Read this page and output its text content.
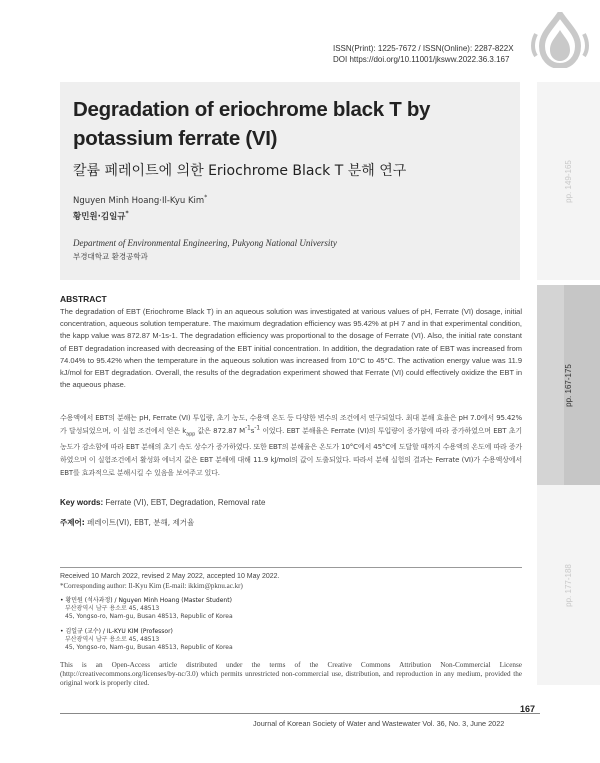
ISSN(Print): 1225-7672 / ISSN(Online): 2287-822X
DOI https://doi.org/10.11001/jksww.2022.36.3.167
pp. 149-165
pp. 167-175
pp. 177-188
Degradation of eriochrome black T by potassium ferrate (VI)
칼륨 페레이트에 의한 Eriochrome Black T 분해 연구
Nguyen Minh Hoang·Il-Kyu Kim*
황민원·김일규*
Department of Environmental Engineering, Pukyong National University
부경대학교 환경공학과
ABSTRACT

The degradation of EBT (Eriochrome Black T) in an aqueous solution was investigated at various values of pH, Ferrate (VI) dosage, initial concentration, aqueous solution temperature. The maximum degradation efficiency was 95.42% at pH 7 and in that experimental condition, the kapp value was 872.87 M-1s-1. The degradation efficiency was proportional to the dosage of Ferrate (VI). Also, the initial rate constant of EBT degradation increased with decreasing of the EBT initial concentration. In addition, the degradation rate of EBT was increased from 74.04% to 95.42% when the temperature in the aqueous solution was increased from 10°C to 45°C. The activation energy value was 11.9 kJ/mol for EBT degradation. Overall, the results of the degradation experiment showed that Ferrate (VI) could effectively oxidize the EBT in the aqueous phase.

수용액에서 EBT의 분해는 pH, Ferrate (VI) 투입량, 초기 농도, 수용액 온도 등 다양한 변수의 조건에서 연구되었다. 최대 분해 효율은 pH 7.0에서 95.42%가 달성되었으며, 이 실험 조건에서 얻은 $k_{app}$ 값은 872.87 $M^{-1}s^{-1}$ 이었다. EBT 분해율은 Ferrate (VI)의 투입량이 증가함에 따라 증가하였으며 EBT 초기 농도가 감소함에 따라 EBT 분해의 초기 속도 상수가 증가하였다. 또한 EBT의 분해율은 온도가 10°C에서 45°C에 도달할 때까지 수용액의 온도에 따라 증가하였으며 이 실험조건에서 활성화 에너지 값은 EBT 분해에 대해 11.9 kJ/mol의 값이 도출되었다. 따라서 분해 실험의 결과는 Ferrate (VI)가 수용액상에서 EBT를 효과적으로 분해시킬 수 있음을 보여주고 있다.

Key words: Ferrate (VI), EBT, Degradation, Removal rate
주제어: 페레이트(VI), EBT, 분해, 제거율
Received 10 March 2022, revised 2 May 2022, accepted 10 May 2022.
*Corresponding author: Il-Kyu Kim (E-mail: ikkim@pknu.ac.kr)
• 황민원 (석사과정) / Nguyen Minh Hoang (Master Student)
부산광역시 남구 용소로 45, 48513
45, Yongso-ro, Nam-gu, Busan 48513, Republic of Korea
• 김일규 (교수) / IL-KYU KIM (Professor)
부산광역시 남구 용소로 45, 48513
45, Yongso-ro, Nam-gu, Busan 48513, Republic of Korea

This is an Open-Access article distributed under the terms of the Creative Commons Attribution Non-Commercial License (http://creativecommons.org/licenses/by-nc/3.0) which permits unrestricted non-commercial use, distribution, and reproduction in any medium, provided the original work is properly cited.

167
Journal of Korean Society of Water and Wastewater Vol. 36, No. 3, June 2022
